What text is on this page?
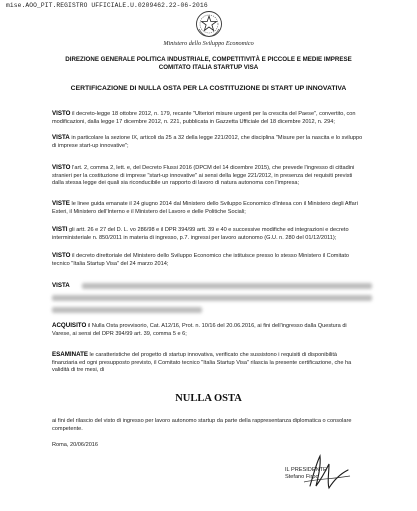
mise.AOO_PIT.REGISTRO UFFICIALE.U.0209462.22-06-2016
Ministero dello Sviluppo Economico
DIREZIONE GENERALE POLITICA INDUSTRIALE, COMPETITIVITÀ E PICCOLE E MEDIE IMPRESE
COMITATO ITALIA STARTUP VISA
CERTIFICAZIONE DI NULLA OSTA PER LA COSTITUZIONE DI START UP INNOVATIVA
VISTO il decreto-legge 18 ottobre 2012, n. 179, recante "Ulteriori misure urgenti per la crescita del Paese", convertito, con
modificazioni, dalla legge 17 dicembre 2012, n. 221, pubblicata in Gazzetta Ufficiale del 18 dicembre 2012, n. 294;
VISTA in particolare la sezione IX, articoli da 25 a 32 della legge 221/2012, che disciplina "Misure per la nascita e lo sviluppo
di imprese start-up innovative";
VISTO l'art. 2, comma 2, lett. e, del Decreto Flussi 2016 (DPCM del 14 dicembre 2015), che prevede l'ingresso di cittadini
stranieri per la costituzione di imprese "start-up innovative" ai sensi della legge 221/2012, in presenza dei requisiti previsti
dalla stessa legge dei quali sia riconducibile un rapporto di lavoro di natura autonoma con l'impresa;
VISTE le linee guida emanate il 24 giugno 2014 dal Ministero dello Sviluppo Economico d'intesa con il Ministero degli Affari
Esteri, il Ministero dell'Interno e il Ministero del Lavoro e delle Politiche Sociali;
VISTI gli artt. 26 e 27 del D. L. vo 286/98 e il DPR 394/99 artt. 39 e 40 e successive modifiche ed integrazioni e decreto
interministeriale n. 850/2011 in materia di ingresso, p.7. ingressi per lavoro autonomo (G.U. n. 280 del 01/12/2011);
VISTO il decreto direttoriale del Ministero dello Sviluppo Economico che istituisce presso lo stesso Ministero il Comitato
tecnico "Italia Startup Visa" del 24 marzo 2014;
VISTA
ACQUISITO il Nulla Osta provvisorio, Cat. A12/16, Prot. n. 10/16 del 20.06.2016, ai fini dell'ingresso dalla Questura di
Varese, ai sensi del DPR 394/99 art. 39, comma 5 e 6;
ESAMINATE le caratteristiche del progetto di startup innovativa, verificato che sussistono i requisiti di disponibilità
finanziaria ed ogni presupposto previsto, il Comitato tecnico "Italia Startup Visa" rilascia la presente certificazione, che ha
validità di tre mesi, di
NULLA OSTA
ai fini del rilascio del visto di ingresso per lavoro autonomo startup da parte della rappresentanza diplomatica o consolare
competente.
Roma, 20/06/2016
IL PRESIDENTE
Stefano Firpo
